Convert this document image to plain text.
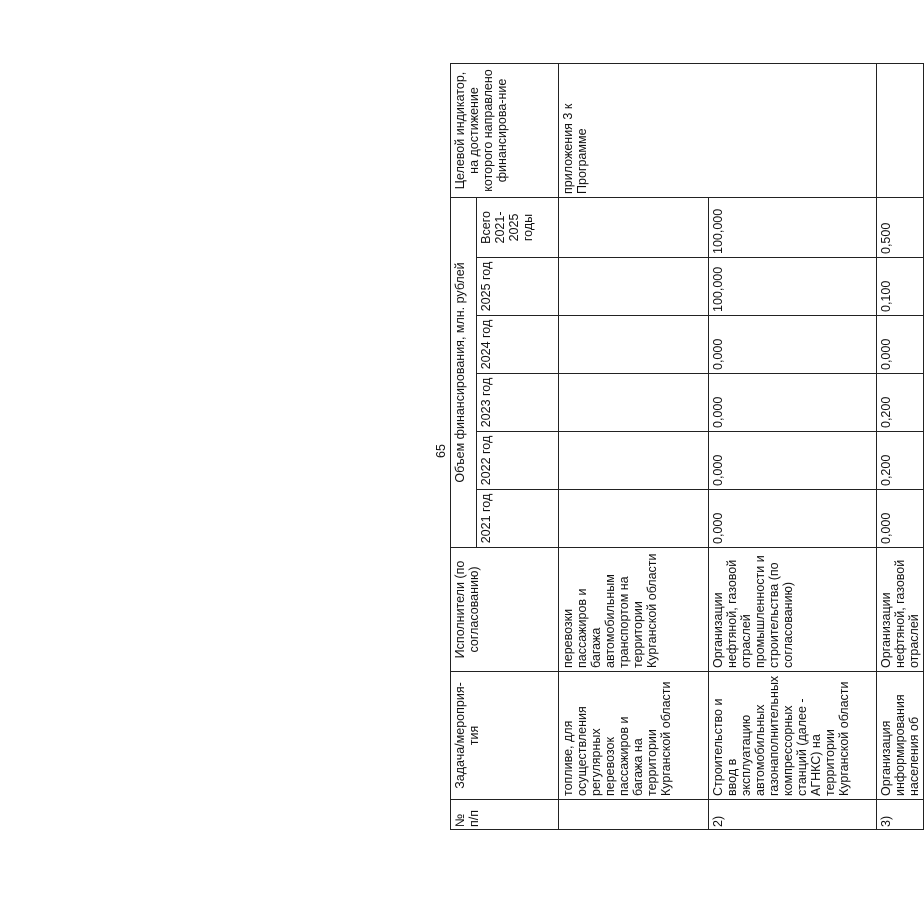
65
№ п/п	Задача/мероприя-тия	Исполнители (по согласованию)	Объем финансирования, млн. рублей						Целевой индикатор, на достижение которого направлено финансирова-ние
			2021 год	2022 год	2023 год	2024 год	2025 год	Всего 2021-2025 годы	
	топливе, для осуществления регулярных перевозок пассажиров и багажа на территории Курганской области	перевозки пассажиров и багажа автомобильным транспортом на территории Курганской области							приложения 3 к Программе
2)	Строительство и ввод в эксплуатацию автомобильных газонаполнительных компрессорных станций (далее - АГНКС) на территории Курганской области	Организации нефтяной, газовой отраслей промышленности и строительства (по согласованию)	0,000	0,000	0,000	0,000	100,000	100,000	
3)	Организация информирования населения об	Организации нефтяной, газовой отраслей	0,000	0,200	0,200	0,000	0,100	0,500	
